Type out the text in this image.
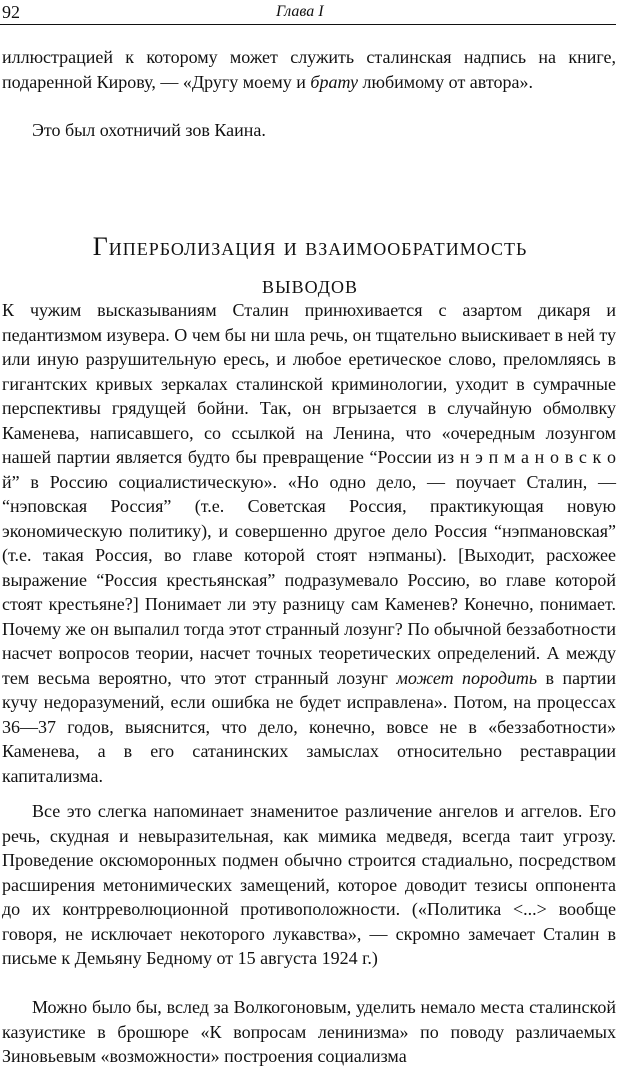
92	Глава I

иллюстрацией к которому может служить сталинская надпись на книге, подаренной Кирову, — «Другу моему и брату любимому от автора».

Это был охотничий зов Каина.

Гиперболизация и взаимообратимость
выводов

К чужим высказываниям Сталин принюхивается с азартом дикаря и педантизмом изувера. О чем бы ни шла речь, он тщательно выискивает в ней ту или иную разрушительную ересь, и любое еретическое слово, преломляясь в гигантских кривых зеркалах сталинской криминологии, уходит в сумрачные перспективы грядущей бойни. Так, он вгрызается в случайную обмолвку Каменева, написавшего, со ссылкой на Ленина, что «очередным лозунгом нашей партии является будто бы превращение “России из н э п м а н о в с к о й” в Россию социалистическую». «Но одно дело, — поучает Сталин, — “нэповская Россия” (т.е. Советская Россия, практикующая новую экономическую политику), и совершенно другое дело Россия “нэпмановская” (т.е. такая Россия, во главе которой стоят нэпманы). [Выходит, расхожее выражение “Россия крестьянская” подразумевало Россию, во главе которой стоят крестьяне?] Понимает ли эту разницу сам Каменев? Конечно, понимает. Почему же он выпалил тогда этот странный лозунг? По обычной беззаботности насчет вопросов теории, насчет точных теоретических определений. А между тем весьма вероятно, что этот странный лозунг может породить в партии кучу недоразумений, если ошибка не будет исправлена». Потом, на процессах 36—37 годов, выяснится, что дело, конечно, вовсе не в «беззаботности» Каменева, а в его сатанинских замыслах относительно реставрации капитализма.

Все это слегка напоминает знаменитое различение ангелов и аггелов. Его речь, скудная и невыразительная, как мимика медведя, всегда таит угрозу. Проведение оксюморонных подмен обычно строится стадиально, посредством расширения метонимических замещений, которое доводит тезисы оппонента до их контрреволюционной противоположности. («Политика <...> вообще говоря, не исключает некоторого лукавства», — скромно замечает Сталин в письме к Демьяну Бедному от 15 августа 1924 г.)

Можно было бы, вслед за Волкогоновым, уделить немало места сталинской казуистике в брошюре «К вопросам ленинизма» по поводу различаемых Зиновьевым «возможности» построения социализма
